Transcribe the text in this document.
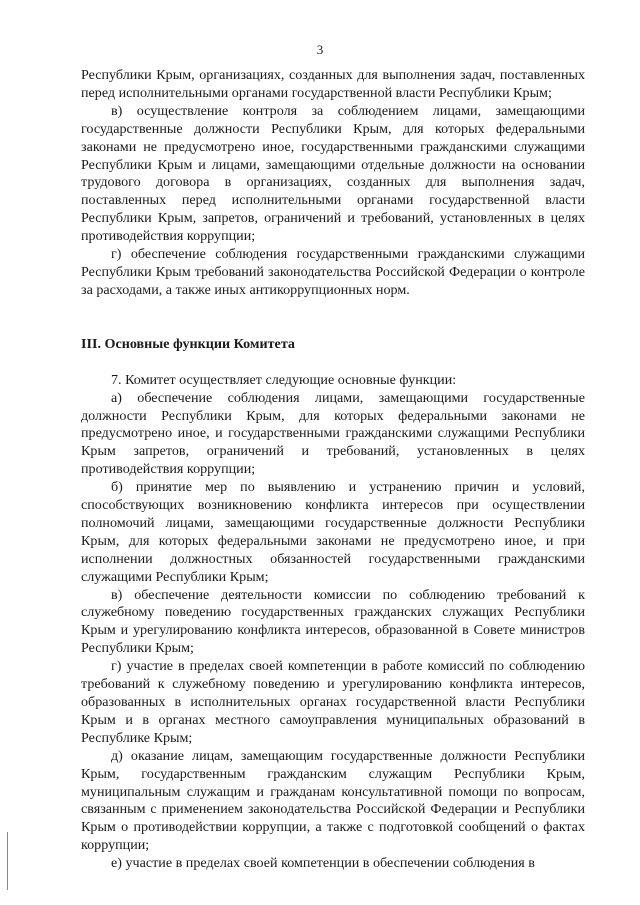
3

Республики Крым, организациях, созданных для выполнения задач, поставленных перед исполнительными органами государственной власти Республики Крым;

в) осуществление контроля за соблюдением лицами, замещающими государственные должности Республики Крым, для которых федеральными законами не предусмотрено иное, государственными гражданскими служащими Республики Крым и лицами, замещающими отдельные должности на основании трудового договора в организациях, созданных для выполнения задач, поставленных перед исполнительными органами государственной власти Республики Крым, запретов, ограничений и требований, установленных в целях противодействия коррупции;

г) обеспечение соблюдения государственными гражданскими служащими Республики Крым требований законодательства Российской Федерации о контроле за расходами, а также иных антикоррупционных норм.

III. Основные функции Комитета

7. Комитет осуществляет следующие основные функции:

а) обеспечение соблюдения лицами, замещающими государственные должности Республики Крым, для которых федеральными законами не предусмотрено иное, и государственными гражданскими служащими Республики Крым запретов, ограничений и требований, установленных в целях противодействия коррупции;

б) принятие мер по выявлению и устранению причин и условий, способствующих возникновению конфликта интересов при осуществлении полномочий лицами, замещающими государственные должности Республики Крым, для которых федеральными законами не предусмотрено иное, и при исполнении должностных обязанностей государственными гражданскими служащими Республики Крым;

в) обеспечение деятельности комиссии по соблюдению требований к служебному поведению государственных гражданских служащих Республики Крым и урегулированию конфликта интересов, образованной в Совете министров Республики Крым;

г) участие в пределах своей компетенции в работе комиссий по соблюдению требований к служебному поведению и урегулированию конфликта интересов, образованных в исполнительных органах государственной власти Республики Крым и в органах местного самоуправления муниципальных образований в Республике Крым;

д) оказание лицам, замещающим государственные должности Республики Крым, государственным гражданским служащим Республики Крым, муниципальным служащим и гражданам консультативной помощи по вопросам, связанным с применением законодательства Российской Федерации и Республики Крым о противодействии коррупции, а также с подготовкой сообщений о фактах коррупции;

е) участие в пределах своей компетенции в обеспечении соблюдения в
